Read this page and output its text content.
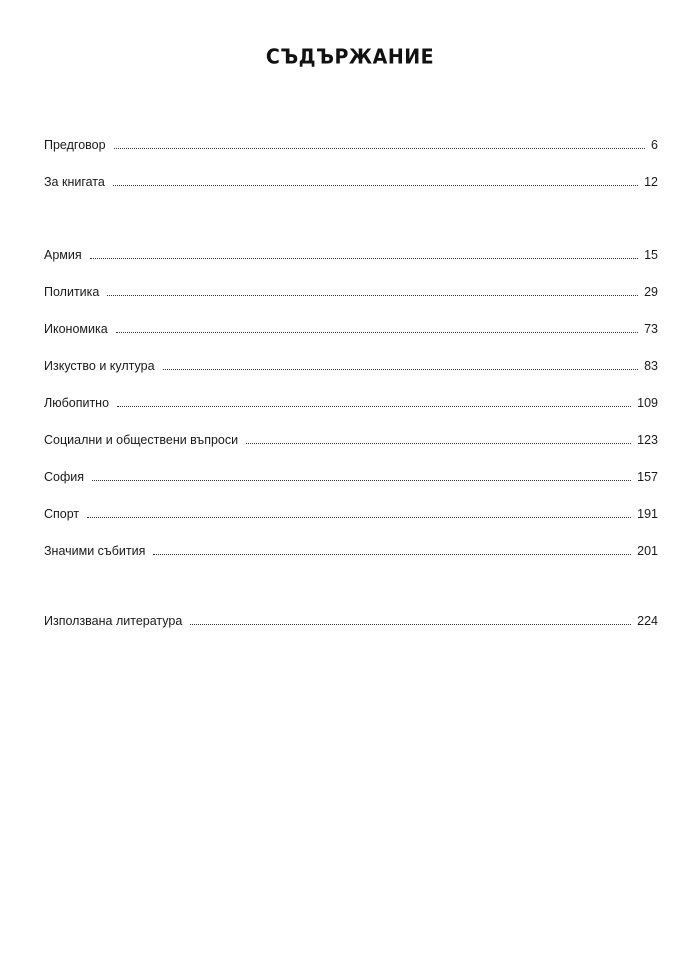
СЪДЪРЖАНИЕ
Предговор	6
За книгата	12
Армия	15
Политика	29
Икономика	73
Изкуство и култура	83
Любопитно	109
Социални и обществени въпроси	123
София	157
Спорт	191
Значими събития	201
Използвана литература	224
